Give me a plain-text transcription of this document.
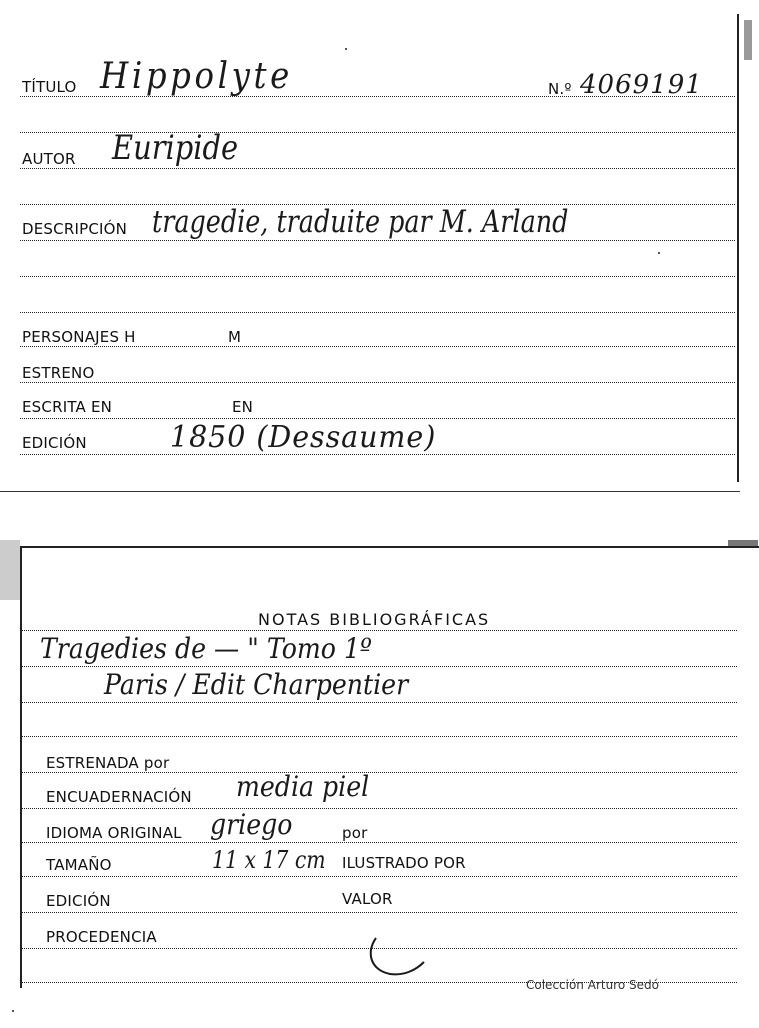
TÍTULO Hippolyte	N.º 4069191
AUTOR Euripide
DESCRIPCIÓN tragedie, traduite par M. Arland
PERSONAJES H	M
ESTRENO
ESCRITA EN	EN
EDICIÓN	1850 (Dessaume)
NOTAS BIBLIOGRÁFICAS
Tragedies de — " Tomo 1º
Paris / Edit Charpentier
ESTRENADA por
ENCUADERNACIÓN media piel
IDIOMA ORIGINAL griego	por
TAMAÑO	11 x 17 cm ILUSTRADO POR
EDICIÓN	VALOR
PROCEDENCIA
Colección Arturo Sedó
